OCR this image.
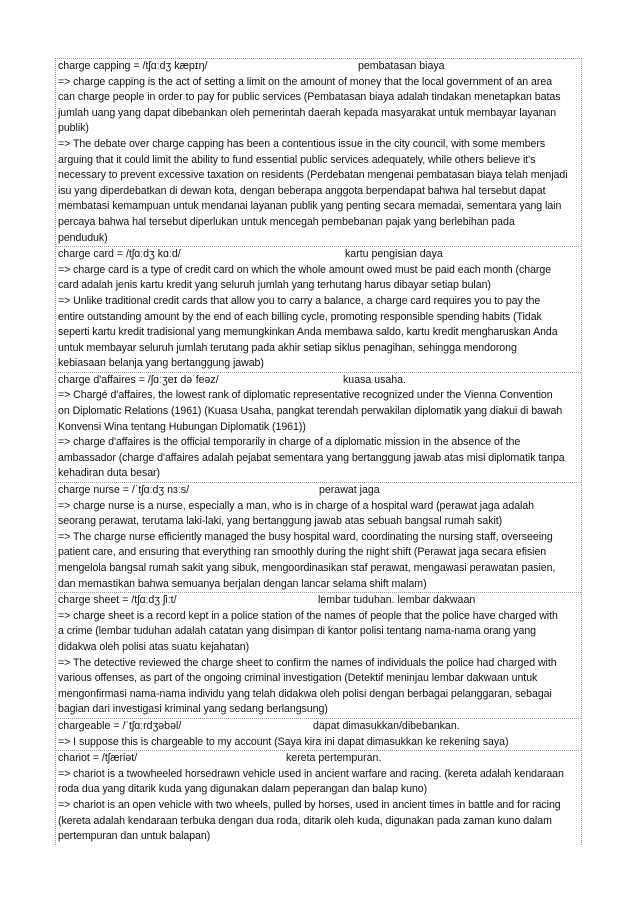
charge capping = /tʃɑːdʒ kæpɪŋ/	pembatasan biaya

=> charge capping is the act of setting a limit on the amount of money that the local government of an area

can charge people in order to pay for public services (Pembatasan biaya adalah tindakan menetapkan batas

jumlah uang yang dapat dibebankan oleh pemerintah daerah kepada masyarakat untuk membayar layanan

publik)

=> The debate over charge capping has been a contentious issue in the city council, with some members

arguing that it could limit the ability to fund essential public services adequately, while others believe it's

necessary to prevent excessive taxation on residents (Perdebatan mengenai pembatasan biaya telah menjadi

isu yang diperdebatkan di dewan kota, dengan beberapa anggota berpendapat bahwa hal tersebut dapat

membatasi kemampuan untuk mendanai layanan publik yang penting secara memadai, sementara yang lain

percaya bahwa hal tersebut diperlukan untuk mencegah pembebanan pajak yang berlebihan pada

penduduk)

charge card = /tʃɑːdʒ kɑːd/	kartu pengisian daya

=> charge card is a type of credit card on which the whole amount owed must be paid each month (charge

card adalah jenis kartu kredit yang seluruh jumlah yang terhutang harus dibayar setiap bulan)

=> Unlike traditional credit cards that allow you to carry a balance, a charge card requires you to pay the

entire outstanding amount by the end of each billing cycle, promoting responsible spending habits (Tidak

seperti kartu kredit tradisional yang memungkinkan Anda membawa saldo, kartu kredit mengharuskan Anda

untuk membayar seluruh jumlah terutang pada akhir setiap siklus penagihan, sehingga mendorong

kebiasaan belanja yang bertanggung jawab)

charge d'affaires = /ʃɑːʒeɪ dəˈfeəz/	kuasa usaha.

=> Chargé d'affaires, the lowest rank of diplomatic representative recognized under the Vienna Convention

on Diplomatic Relations (1961) (Kuasa Usaha, pangkat terendah perwakilan diplomatik yang diakui di bawah

Konvensi Wina tentang Hubungan Diplomatik (1961))

=> charge d'affaires is the official temporarily in charge of a diplomatic mission in the absence of the

ambassador (charge d'affaires adalah pejabat sementara yang bertanggung jawab atas misi diplomatik tanpa

kehadiran duta besar)

charge nurse = /ˈtʃɑːdʒ nɜːs/	perawat jaga

=> charge nurse is a nurse, especially a man, who is in charge of a hospital ward (perawat jaga adalah

seorang perawat, terutama laki-laki, yang bertanggung jawab atas sebuah bangsal rumah sakit)

=> The charge nurse efficiently managed the busy hospital ward, coordinating the nursing staff, overseeing

patient care, and ensuring that everything ran smoothly during the night shift (Perawat jaga secara efisien

mengelola bangsal rumah sakit yang sibuk, mengoordinasikan staf perawat, mengawasi perawatan pasien,

dan memastikan bahwa semuanya berjalan dengan lancar selama shift malam)

charge sheet = /tʃɑːdʒ ʃiːt/	lembar tuduhan. lembar dakwaan

=> charge sheet is a record kept in a police station of the names of people that the police have charged with

a crime (lembar tuduhan adalah catatan yang disimpan di kantor polisi tentang nama-nama orang yang

didakwa oleh polisi atas suatu kejahatan)

=> The detective reviewed the charge sheet to confirm the names of individuals the police had charged with

various offenses, as part of the ongoing criminal investigation (Detektif meninjau lembar dakwaan untuk

mengonfirmasi nama-nama individu yang telah didakwa oleh polisi dengan berbagai pelanggaran, sebagai

bagian dari investigasi kriminal yang sedang berlangsung)

chargeable = /ˈtʃɑːrdʒəbəl/	dapat dimasukkan/dibebankan.

=> I suppose this is chargeable to my account (Saya kira ini dapat dimasukkan ke rekening saya)

chariot = /tʃæriət/	kereta pertempuran.

=> chariot is a twowheeled horsedrawn vehicle used in ancient warfare and racing. (kereta adalah kendaraan

roda dua yang ditarik kuda yang digunakan dalam peperangan dan balap kuno)

=> chariot is an open vehicle with two wheels, pulled by horses, used in ancient times in battle and for racing

(kereta adalah kendaraan terbuka dengan dua roda, ditarik oleh kuda, digunakan pada zaman kuno dalam

pertempuran dan untuk balapan)
